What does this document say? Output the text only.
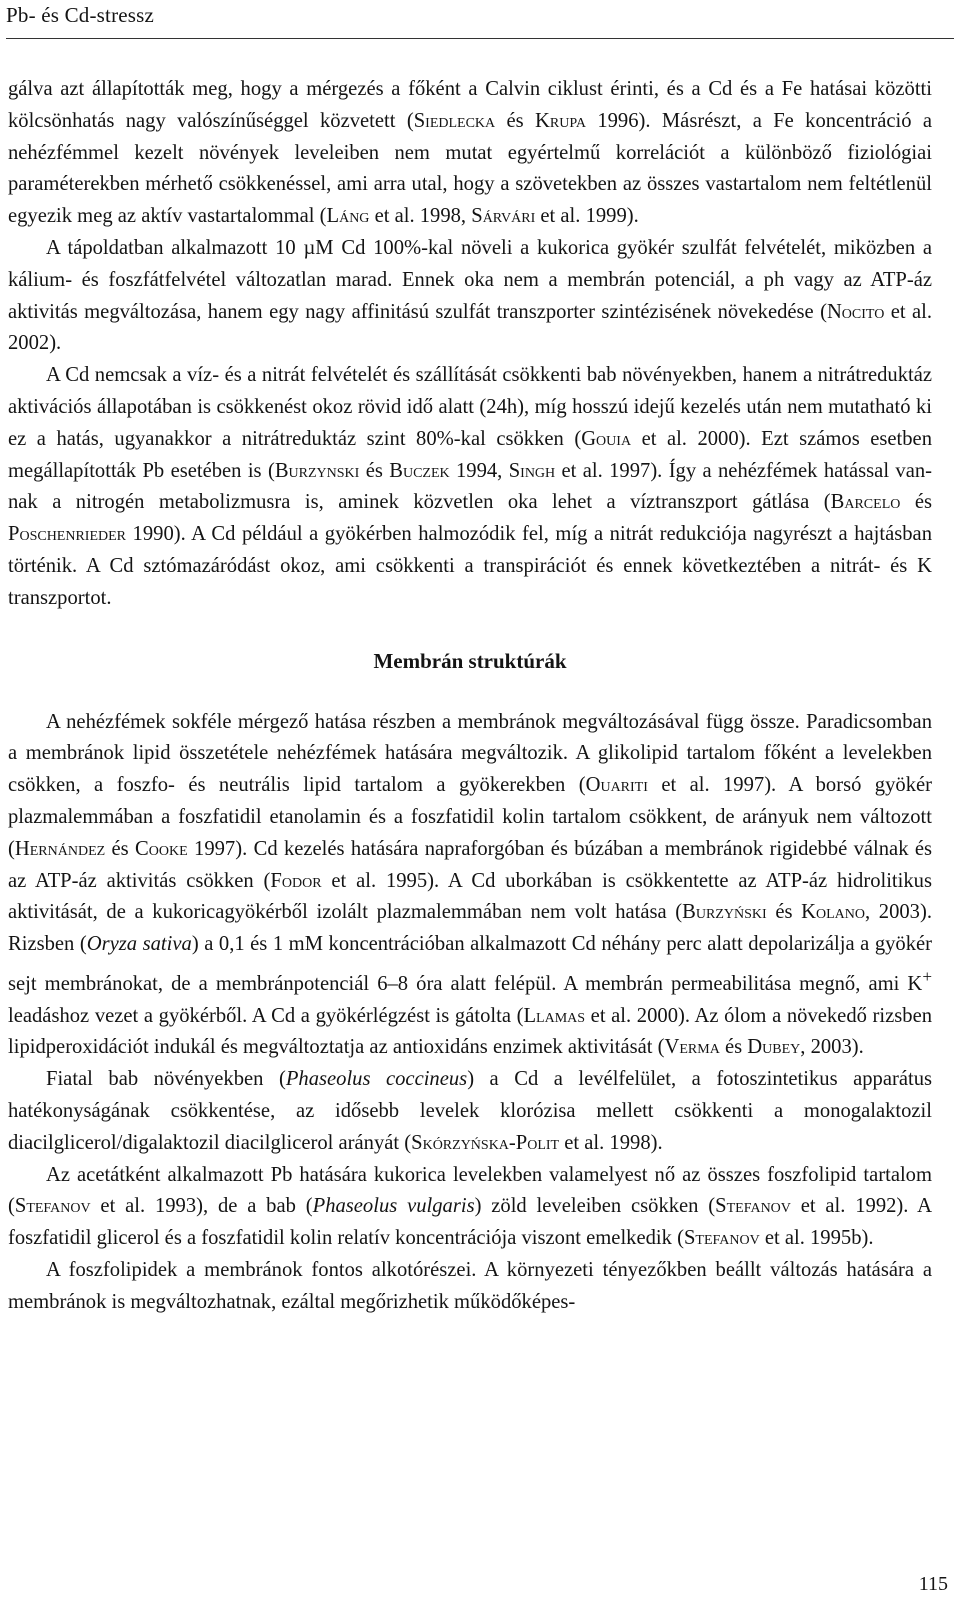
Pb- és Cd-stressz

gálva azt állapították meg, hogy a mérgezés a főként a Calvin ciklust érinti, és a Cd és a Fe hatásai közötti kölcsönhatás nagy valószínűséggel közvetett (Siedlecka és Krupa 1996). Másrészt, a Fe koncentráció a nehézfémmel kezelt növények leveleiben nem mutat egyértelmű korrelációt a különböző fiziológiai paraméterekben mérhető csökkenéssel, ami arra utal, hogy a szövetekben az összes vastartalom nem feltétlenül egyezik meg az aktív vastartalommal (Láng et al. 1998, Sárvári et al. 1999).

A tápoldatban alkalmazott 10 µM Cd 100%-kal növeli a kukorica gyökér szulfát felvételét, miközben a kálium- és foszfátfelvétel változatlan marad. Ennek oka nem a membrán potenciál, a ph vagy az ATP-áz aktivitás megváltozása, hanem egy nagy affinitású szulfát transzporter szintézisének növekedése (Nocito et al. 2002).

A Cd nemcsak a víz- és a nitrát felvételét és szállítását csökkenti bab növényekben, hanem a nitrátreduktáz aktivációs állapotában is csökkenést okoz rövid idő alatt (24h), míg hosszú idejű kezelés után nem mutatható ki ez a hatás, ugyanakkor a nitrátreduktáz szint 80%-kal csökken (Gouia et al. 2000). Ezt számos esetben megállapították Pb esetében is (Burzynski és Buczek 1994, Singh et al. 1997). Így a nehézfémek hatással vannak a nitrogén metabolizmusra is, aminek közvetlen oka lehet a víztranszport gátlása (Barcelo és Poschenrieder 1990). A Cd például a gyökérben halmozódik fel, míg a nitrát redukciója nagyrészt a hajtásban történik. A Cd sztómazáródást okoz, ami csökkenti a transpirációt és ennek következtében a nitrát- és K transzportot.

Membrán struktúrák

A nehézfémek sokféle mérgező hatása részben a membránok megváltozásával függ össze. Paradicsomban a membránok lipid összetétele nehézfémek hatására megváltozik. A glikolipid tartalom főként a levelekben csökken, a foszfo- és neutrális lipid tartalom a gyökerekben (Ouariti et al. 1997). A borsó gyökér plazmalemmában a foszfatidil etanolamin és a foszfatidil kolin tartalom csökkent, de arányuk nem változott (Hernández és Cooke 1997). Cd kezelés hatására napraforgóban és búzában a membránok rigidebbé válnak és az ATP-áz aktivitás csökken (Fodor et al. 1995). A Cd uborkában is csökkentette az ATP-áz hidrolitikus aktivitását, de a kukoricagyökérből izolált plazmalemmában nem volt hatása (Burzyński és Kolano, 2003). Rizsben (Oryza sativa) a 0,1 és 1 mM koncentrációban alkalmazott Cd néhány perc alatt depolarizálja a gyökér sejt membránokat, de a membránpotenciál 6–8 óra alatt felépül. A membrán permeabilitása megnő, ami K+ leadáshoz vezet a gyökérből. A Cd a gyökérlégzést is gátolta (Llamas et al. 2000). Az ólom a növekedő rizsben lipidperoxidációt indukál és megváltoztatja az antioxidáns enzimek aktivitását (Verma és Dubey, 2003).

Fiatal bab növényekben (Phaseolus coccineus) a Cd a levélfelület, a fotoszintetikus apparátus hatékonyságának csökkentése, az idősebb levelek klorózisa mellett csökkenti a monogalaktozil diacilglicerol/digalaktozil diacilglicerol arányát (Skórzyńska-Polit et al. 1998).

Az acetátként alkalmazott Pb hatására kukorica levelekben valamelyest nő az összes foszfolipid tartalom (Stefanov et al. 1993), de a bab (Phaseolus vulgaris) zöld leveleiben csökken (Stefanov et al. 1992). A foszfatidil glicerol és a foszfatidil kolin relatív koncentrációja viszont emelkedik (Stefanov et al. 1995b).

A foszfolipidek a membránok fontos alkotórészei. A környezeti tényezőkben beállt változás hatására a membránok is megváltozhatnak, ezáltal megőrizhetik működőképes-

115
